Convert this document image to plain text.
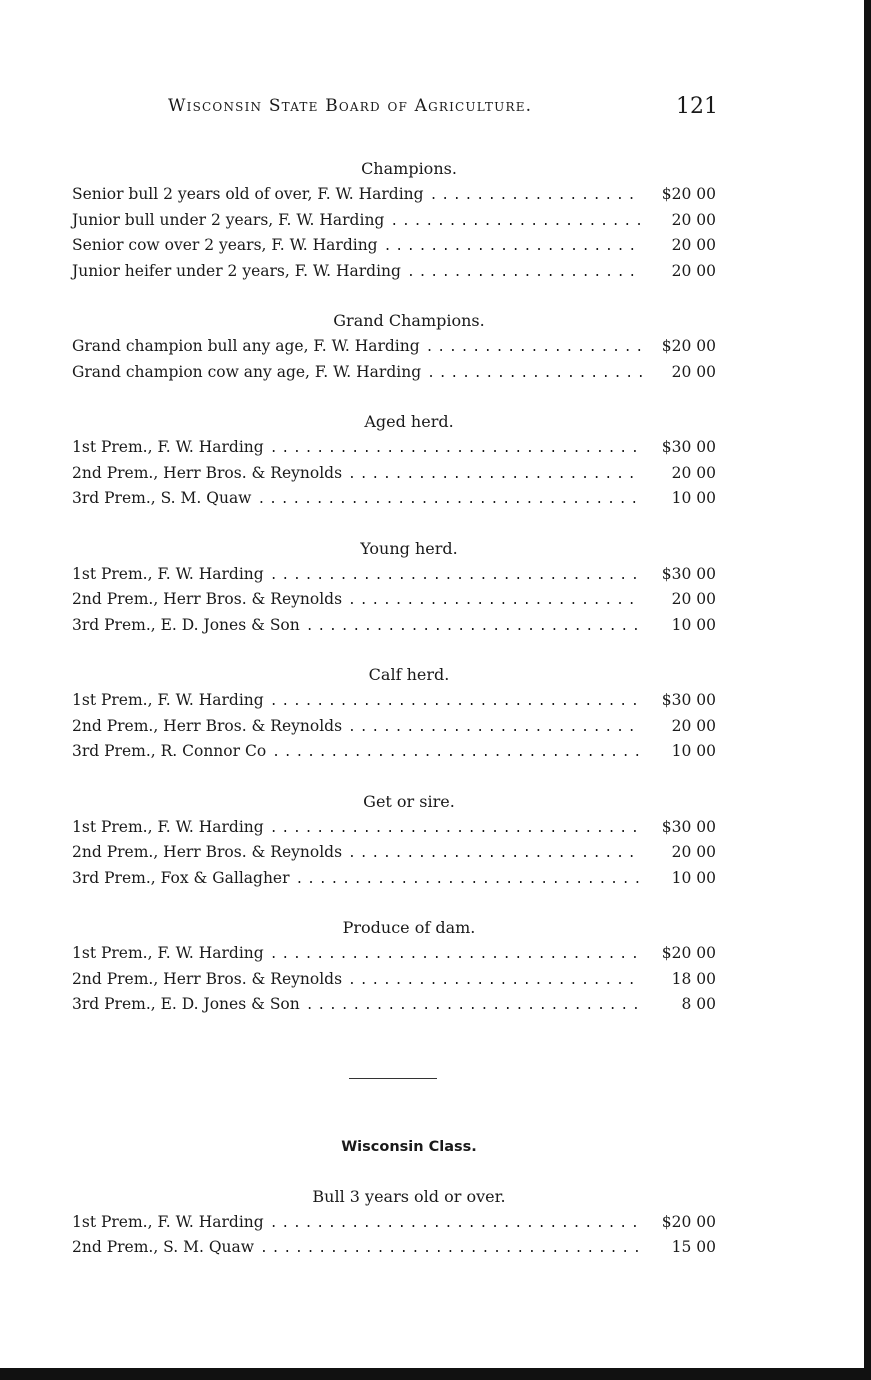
Wisconsin State Board of Agriculture.	121
Champions.
Senior bull 2 years old of over, F. W. Harding . . .	$20 00
Junior bull under 2 years, F. W. Harding . . .	20 00
Senior cow over 2 years, F. W. Harding . . .	20 00
Junior heifer under 2 years, F. W. Harding . . .	20 00
Grand Champions.
Grand champion bull any age, F. W. Harding . . .	$20 00
Grand champion cow any age, F. W. Harding . . .	20 00
Aged herd.
1st Prem., F. W. Harding . . .	$30 00
2nd Prem., Herr Bros. & Reynolds . . .	20 00
3rd Prem., S. M. Quaw . . .	10 00
Young herd.
1st Prem., F. W. Harding . . .	$30 00
2nd Prem., Herr Bros. & Reynolds . . .	20 00
3rd Prem., E. D. Jones & Son . . .	10 00
Calf herd.
1st Prem., F. W. Harding . . .	$30 00
2nd Prem., Herr Bros. & Reynolds . . .	20 00
3rd Prem., R. Connor Co . . .	10 00
Get or sire.
1st Prem., F. W. Harding . . .	$30 00
2nd Prem., Herr Bros. & Reynolds . . .	20 00
3rd Prem., Fox & Gallagher . . .	10 00
Produce of dam.
1st Prem., F. W. Harding . . .	$20 00
2nd Prem., Herr Bros. & Reynolds . . .	18 00
3rd Prem., E. D. Jones & Son . . .	8 00
Wisconsin Class.
Bull 3 years old or over.
1st Prem., F. W. Harding . . .	$20 00
2nd Prem., S. M. Quaw . . .	15 00
